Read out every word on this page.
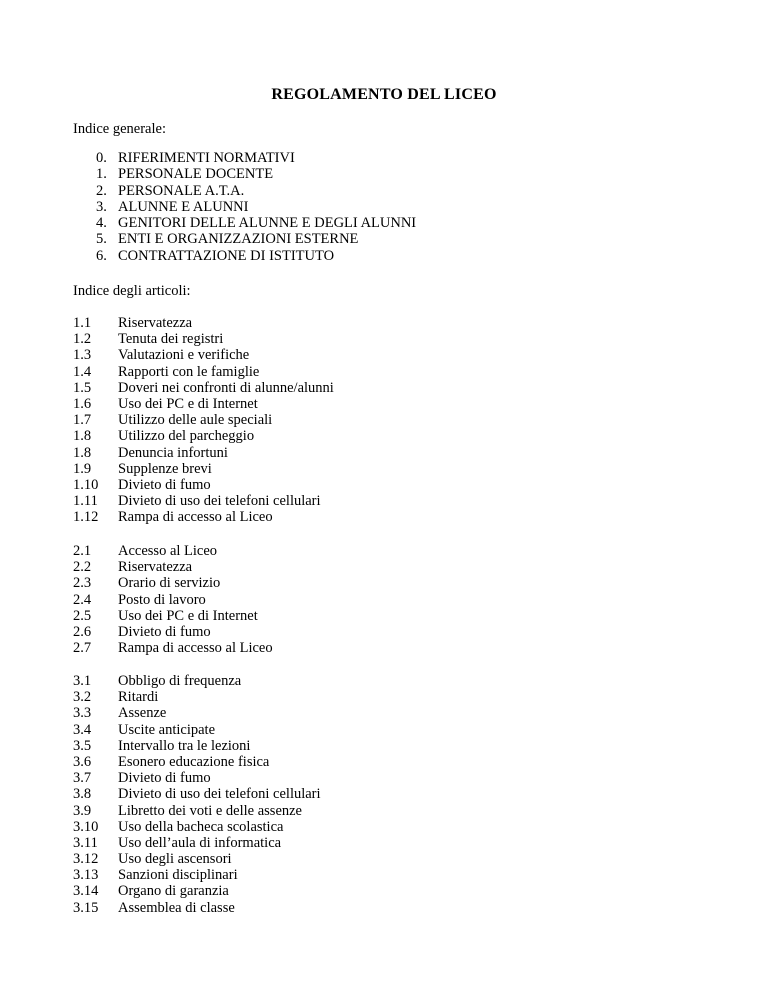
REGOLAMENTO DEL LICEO
Indice generale:
0. RIFERIMENTI NORMATIVI
1. PERSONALE DOCENTE
2. PERSONALE A.T.A.
3. ALUNNE E ALUNNI
4. GENITORI DELLE ALUNNE E DEGLI ALUNNI
5. ENTI E ORGANIZZAZIONI ESTERNE
6. CONTRATTAZIONE DI ISTITUTO
Indice degli articoli:
1.1 Riservatezza
1.2 Tenuta dei registri
1.3 Valutazioni e verifiche
1.4 Rapporti con le famiglie
1.5 Doveri nei confronti di alunne/alunni
1.6 Uso dei PC e di Internet
1.7 Utilizzo delle aule speciali
1.8 Utilizzo del parcheggio
1.8 Denuncia infortuni
1.9 Supplenze brevi
1.10 Divieto di fumo
1.11 Divieto di uso dei telefoni cellulari
1.12 Rampa di accesso al Liceo
2.1 Accesso al Liceo
2.2 Riservatezza
2.3 Orario di servizio
2.4 Posto di lavoro
2.5 Uso dei PC e di Internet
2.6 Divieto di fumo
2.7 Rampa di accesso al Liceo
3.1 Obbligo di frequenza
3.2 Ritardi
3.3 Assenze
3.4 Uscite anticipate
3.5 Intervallo tra le lezioni
3.6 Esonero educazione fisica
3.7 Divieto di fumo
3.8 Divieto di uso dei telefoni cellulari
3.9 Libretto dei voti e delle assenze
3.10 Uso della bacheca scolastica
3.11 Uso dell’aula di informatica
3.12 Uso degli ascensori
3.13 Sanzioni disciplinari
3.14 Organo di garanzia
3.15 Assemblea di classe
